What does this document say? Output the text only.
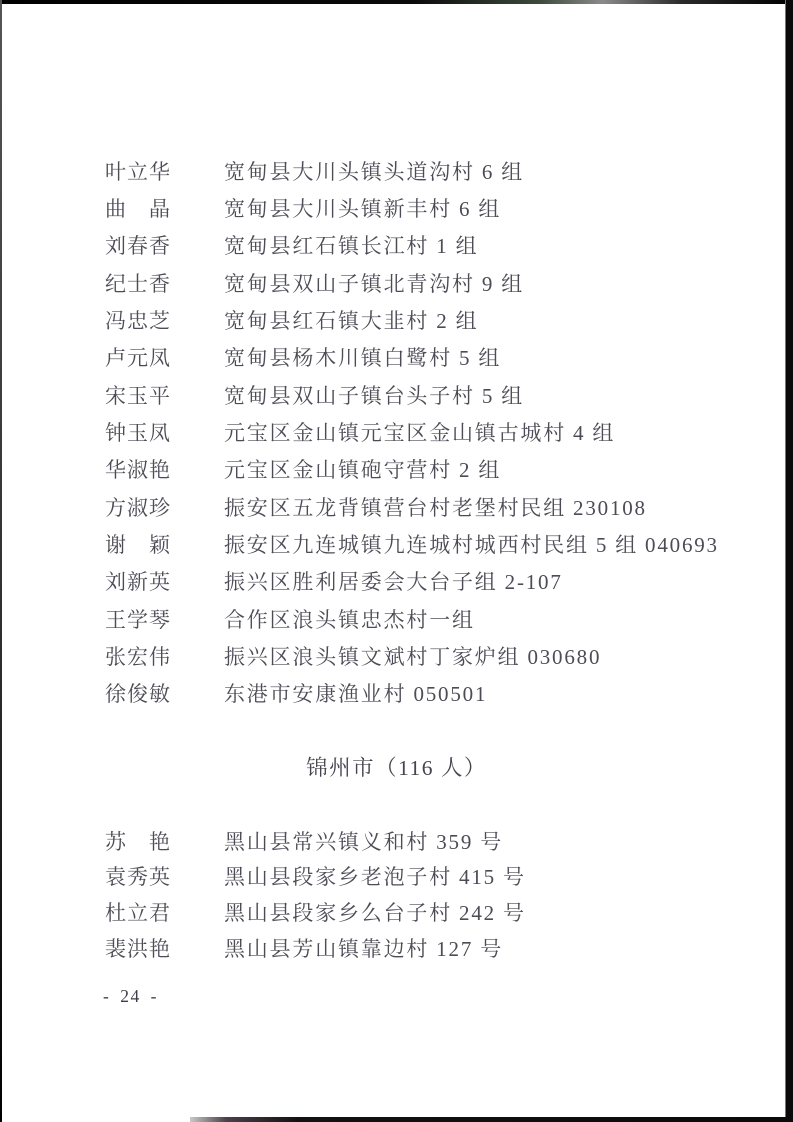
叶立华	宽甸县大川头镇头道沟村 6 组
曲　晶	宽甸县大川头镇新丰村 6 组
刘春香	宽甸县红石镇长江村 1 组
纪士香	宽甸县双山子镇北青沟村 9 组
冯忠芝	宽甸县红石镇大韭村 2 组
卢元凤	宽甸县杨木川镇白鹭村 5 组
宋玉平	宽甸县双山子镇台头子村 5 组
钟玉凤	元宝区金山镇元宝区金山镇古城村 4 组
华淑艳	元宝区金山镇砲守营村 2 组
方淑珍	振安区五龙背镇营台村老堡村民组 230108
谢　颖	振安区九连城镇九连城村城西村民组 5 组 040693
刘新英	振兴区胜利居委会大台子组 2-107
王学琴	合作区浪头镇忠杰村一组
张宏伟	振兴区浪头镇文斌村丁家炉组 030680
徐俊敏	东港市安康渔业村 050501
锦州市（116 人）
苏　艳	黑山县常兴镇义和村 359 号
袁秀英	黑山县段家乡老泡子村 415 号
杜立君	黑山县段家乡么台子村 242 号
裴洪艳	黑山县芳山镇靠边村 127 号
- 24 -
